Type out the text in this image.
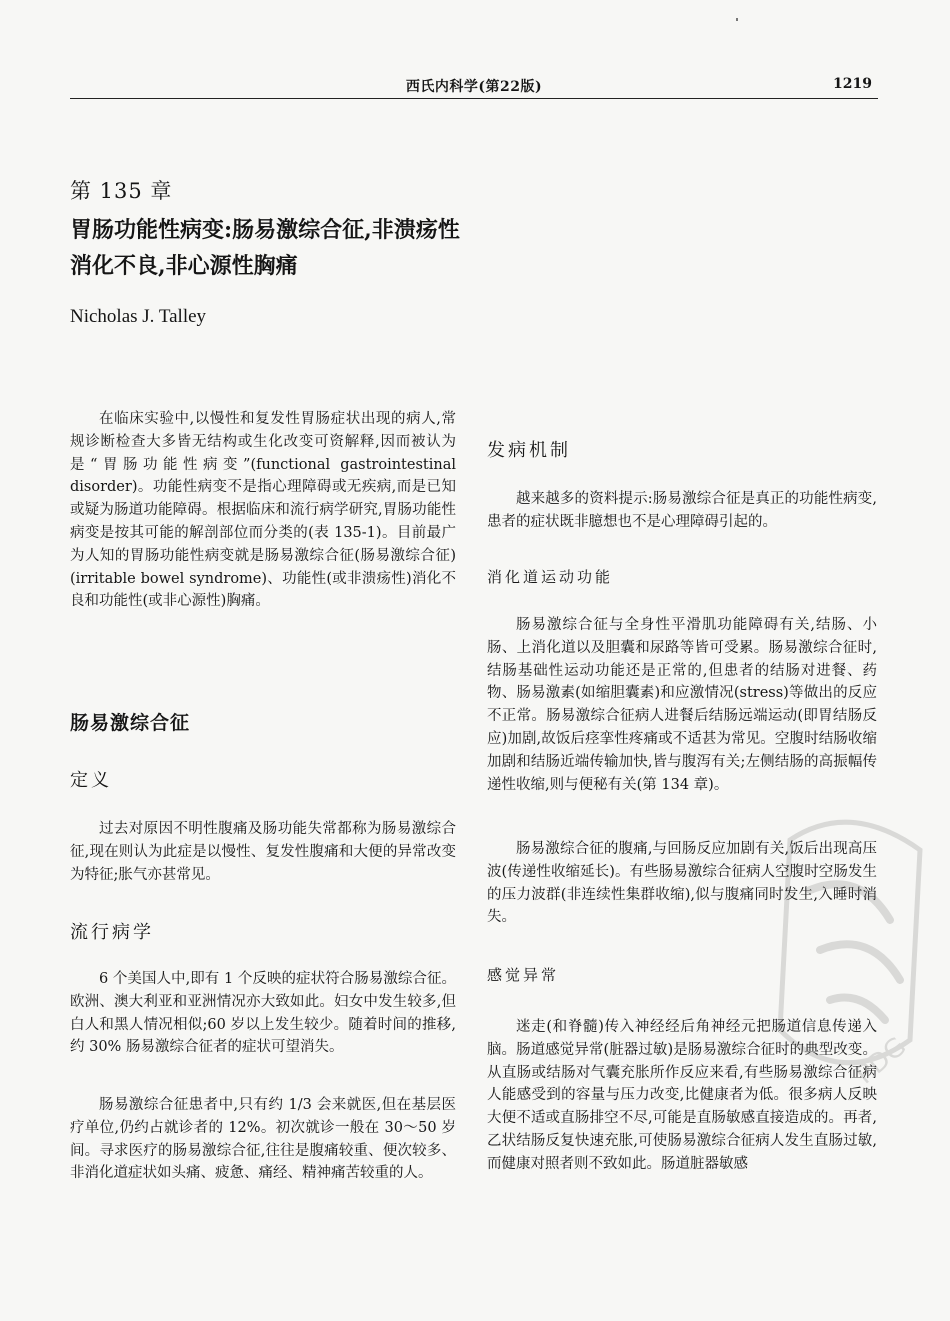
西氏内科学(第22版)	1219
第 135 章
胃肠功能性病变:肠易激综合征,非溃疡性
消化不良,非心源性胸痛
Nicholas J. Talley
在临床实验中,以慢性和复发性胃肠症状出现的病人,常规诊断检查大多皆无结构或生化改变可资解释,因而被认为是“胃肠功能性病变”(functional gastrointestinal disorder)。功能性病变不是指心理障碍或无疾病,而是已知或疑为肠道功能障碍。根据临床和流行病学研究,胃肠功能性病变是按其可能的解剖部位而分类的(表 135-1)。目前最广为人知的胃肠功能性病变就是肠易激综合征(肠易激综合征)(irritable bowel syndrome)、功能性(或非溃疡性)消化不良和功能性(或非心源性)胸痛。
肠易激综合征
定义
过去对原因不明性腹痛及肠功能失常都称为肠易激综合征,现在则认为此症是以慢性、复发性腹痛和大便的异常改变为特征;胀气亦甚常见。
流行病学
6 个美国人中,即有 1 个反映的症状符合肠易激综合征。欧洲、澳大利亚和亚洲情况亦大致如此。妇女中发生较多,但白人和黑人情况相似;60 岁以上发生较少。随着时间的推移,约 30% 肠易激综合征者的症状可望消失。
肠易激综合征患者中,只有约 1/3 会来就医,但在基层医疗单位,仍约占就诊者的 12%。初次就诊一般在 30～50 岁间。寻求医疗的肠易激综合征,往往是腹痛较重、便次较多、非消化道症状如头痛、疲惫、痛经、精神痛苦较重的人。
发病机制
越来越多的资料提示:肠易激综合征是真正的功能性病变,患者的症状既非臆想也不是心理障碍引起的。
消化道运动功能
肠易激综合征与全身性平滑肌功能障碍有关,结肠、小肠、上消化道以及胆囊和尿路等皆可受累。肠易激综合征时,结肠基础性运动功能还是正常的,但患者的结肠对进餐、药物、肠易激素(如缩胆囊素)和应激情况(stress)等做出的反应不正常。肠易激综合征病人进餐后结肠远端运动(即胃结肠反应)加剧,故饭后痉挛性疼痛或不适甚为常见。空腹时结肠收缩加剧和结肠近端传输加快,皆与腹泻有关;左侧结肠的高振幅传递性收缩,则与便秘有关(第 134 章)。
肠易激综合征的腹痛,与回肠反应加剧有关,饭后出现高压波(传递性收缩延长)。有些肠易激综合征病人空腹时空肠发生的压力波群(非连续性集群收缩),似与腹痛同时发生,入睡时消失。
感觉异常
迷走(和脊髓)传入神经经后角神经元把肠道信息传递入脑。肠道感觉异常(脏器过敏)是肠易激综合征时的典型改变。从直肠或结肠对气囊充胀所作反应来看,有些肠易激综合征病人能感受到的容量与压力改变,比健康者为低。很多病人反映大便不适或直肠排空不尽,可能是直肠敏感直接造成的。再者,乙状结肠反复快速充胀,可使肠易激综合征病人发生直肠过敏,而健康对照者则不致如此。肠道脏器敏感
PDG
